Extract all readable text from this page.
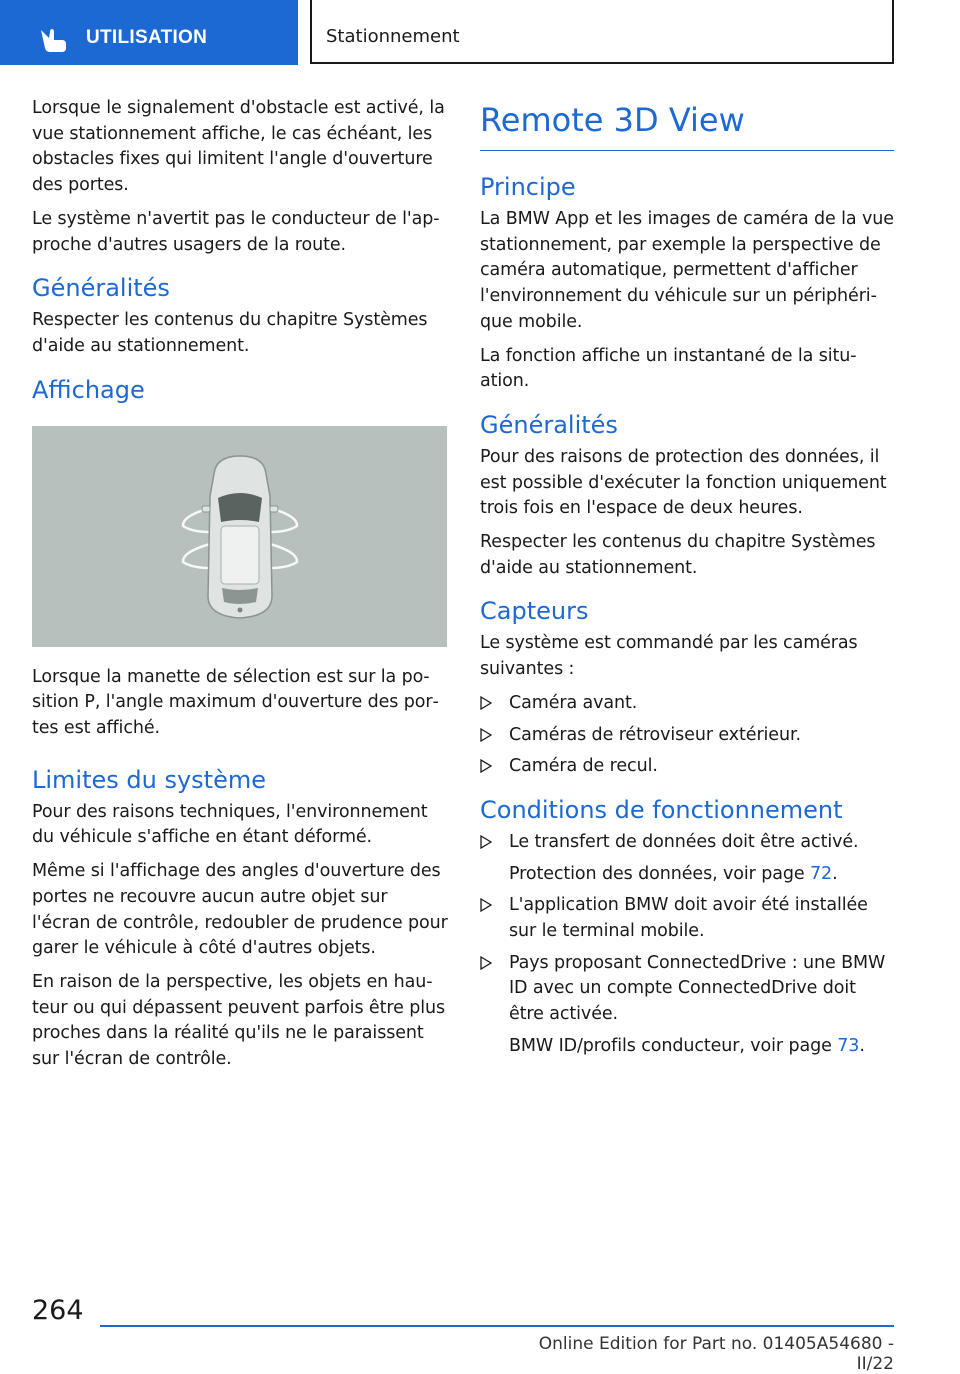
UTILISATION	Stationnement

Lorsque le signalement d'obstacle est activé, la vue stationnement affiche, le cas échéant, les obstacles fixes qui limitent l'angle d'ouverture des portes.

Le système n'avertit pas le conducteur de l'approche d'autres usagers de la route.

Généralités

Respecter les contenus du chapitre Systèmes d'aide au stationnement.

Affichage

Lorsque la manette de sélection est sur la position P, l'angle maximum d'ouverture des portes est affiché.

Limites du système

Pour des raisons techniques, l'environnement du véhicule s'affiche en étant déformé.

Même si l'affichage des angles d'ouverture des portes ne recouvre aucun autre objet sur l'écran de contrôle, redoubler de prudence pour garer le véhicule à côté d'autres objets.

En raison de la perspective, les objets en hauteur ou qui dépassent peuvent parfois être plus proches dans la réalité qu'ils ne le paraissent sur l'écran de contrôle.

Remote 3D View
Principe

La BMW App et les images de caméra de la vue stationnement, par exemple la perspective de caméra automatique, permettent d'afficher l'environnement du véhicule sur un périphérique mobile.

La fonction affiche un instantané de la situation.

Généralités

Pour des raisons de protection des données, il est possible d'exécuter la fonction uniquement trois fois en l'espace de deux heures.

Respecter les contenus du chapitre Systèmes d'aide au stationnement.

Capteurs

Le système est commandé par les caméras suivantes :

Caméra avant.

Caméras de rétroviseur extérieur.

Caméra de recul.

Conditions de fonctionnement

Le transfert de données doit être activé.

Protection des données, voir page 72.

L'application BMW doit avoir été installée sur le terminal mobile.

Pays proposant ConnectedDrive : une BMW ID avec un compte ConnectedDrive doit être activée.

BMW ID/profils conducteur, voir page 73.

264
Online Edition for Part no. 01405A54680 - II/22
